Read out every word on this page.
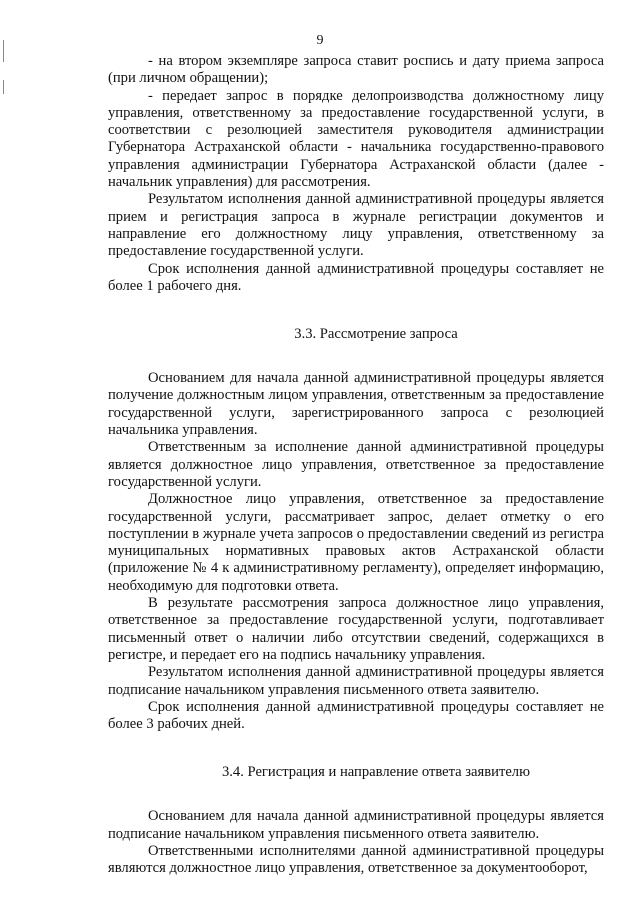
9

- на втором экземпляре запроса ставит роспись и дату приема запроса (при личном обращении);

- передает запрос в порядке делопроизводства должностному лицу управления, ответственному за предоставление государственной услуги, в соответствии с резолюцией заместителя руководителя администрации Губернатора Астраханской области - начальника государственно-правового управления администрации Губернатора Астраханской области (далее - начальник управления) для рассмотрения.

Результатом исполнения данной административной процедуры является прием и регистрация запроса в журнале регистрации документов и направление его должностному лицу управления, ответственному за предоставление государственной услуги.

Срок исполнения данной административной процедуры составляет не более 1 рабочего дня.

3.3. Рассмотрение запроса

Основанием для начала данной административной процедуры является получение должностным лицом управления, ответственным за предоставление государственной услуги, зарегистрированного запроса с резолюцией начальника управления.

Ответственным за исполнение данной административной процедуры является должностное лицо управления, ответственное за предоставление государственной услуги.

Должностное лицо управления, ответственное за предоставление государственной услуги, рассматривает запрос, делает отметку о его поступлении в журнале учета запросов о предоставлении сведений из регистра муниципальных нормативных правовых актов Астраханской области (приложение № 4 к административному регламенту), определяет информацию, необходимую для подготовки ответа.

В результате рассмотрения запроса должностное лицо управления, ответственное за предоставление государственной услуги, подготавливает письменный ответ о наличии либо отсутствии сведений, содержащихся в регистре, и передает его на подпись начальнику управления.

Результатом исполнения данной административной процедуры является подписание начальником управления письменного ответа заявителю.

Срок исполнения данной административной процедуры составляет не более 3 рабочих дней.

3.4. Регистрация и направление ответа заявителю

Основанием для начала данной административной процедуры является подписание начальником управления письменного ответа заявителю.

Ответственными исполнителями данной административной процедуры являются должностное лицо управления, ответственное за документооборот,
